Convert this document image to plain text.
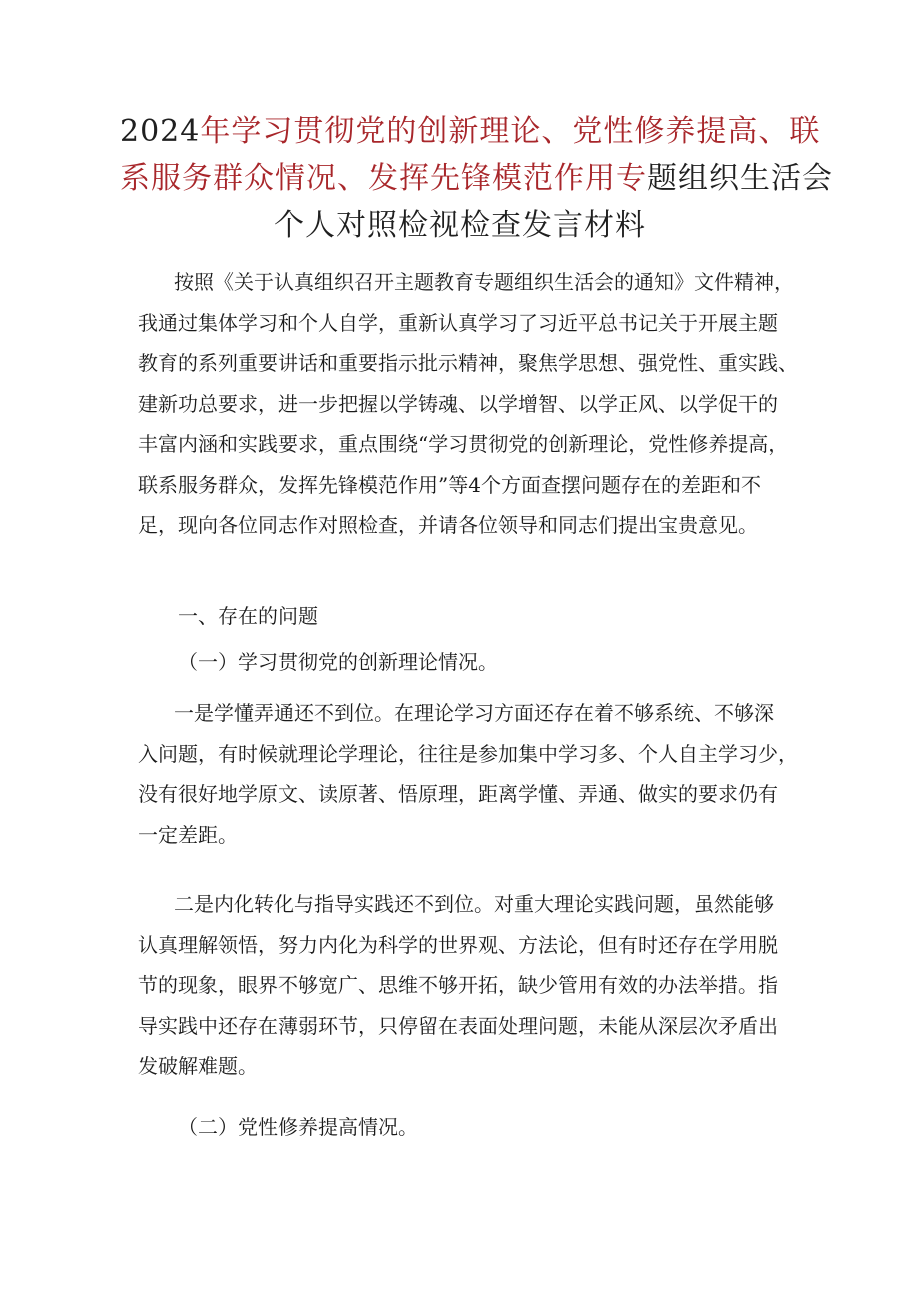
2024年学习贯彻党的创新理论、党性修养提高、联
系服务群众情况、发挥先锋模范作用专题组织生活会
个人对照检视检查发言材料
按照《关于认真组织召开主题教育专题组织生活会的通知》文件精神，
我通过集体学习和个人自学，重新认真学习了习近平总书记关于开展主题
教育的系列重要讲话和重要指示批示精神，聚焦学思想、强党性、重实践、
建新功总要求，进一步把握以学铸魂、以学增智、以学正风、以学促干的
丰富内涵和实践要求，重点围绕“学习贯彻党的创新理论，党性修养提高，
联系服务群众，发挥先锋模范作用”等4个方面查摆问题存在的差距和不
足，现向各位同志作对照检查，并请各位领导和同志们提出宝贵意见。
一、存在的问题
（一）学习贯彻党的创新理论情况。
一是学懂弄通还不到位。在理论学习方面还存在着不够系统、不够深
入问题，有时候就理论学理论，往往是参加集中学习多、个人自主学习少，
没有很好地学原文、读原著、悟原理，距离学懂、弄通、做实的要求仍有
一定差距。
二是内化转化与指导实践还不到位。对重大理论实践问题，虽然能够
认真理解领悟，努力内化为科学的世界观、方法论，但有时还存在学用脱
节的现象，眼界不够宽广、思维不够开拓，缺少管用有效的办法举措。指
导实践中还存在薄弱环节，只停留在表面处理问题，未能从深层次矛盾出
发破解难题。
（二）党性修养提高情况。
